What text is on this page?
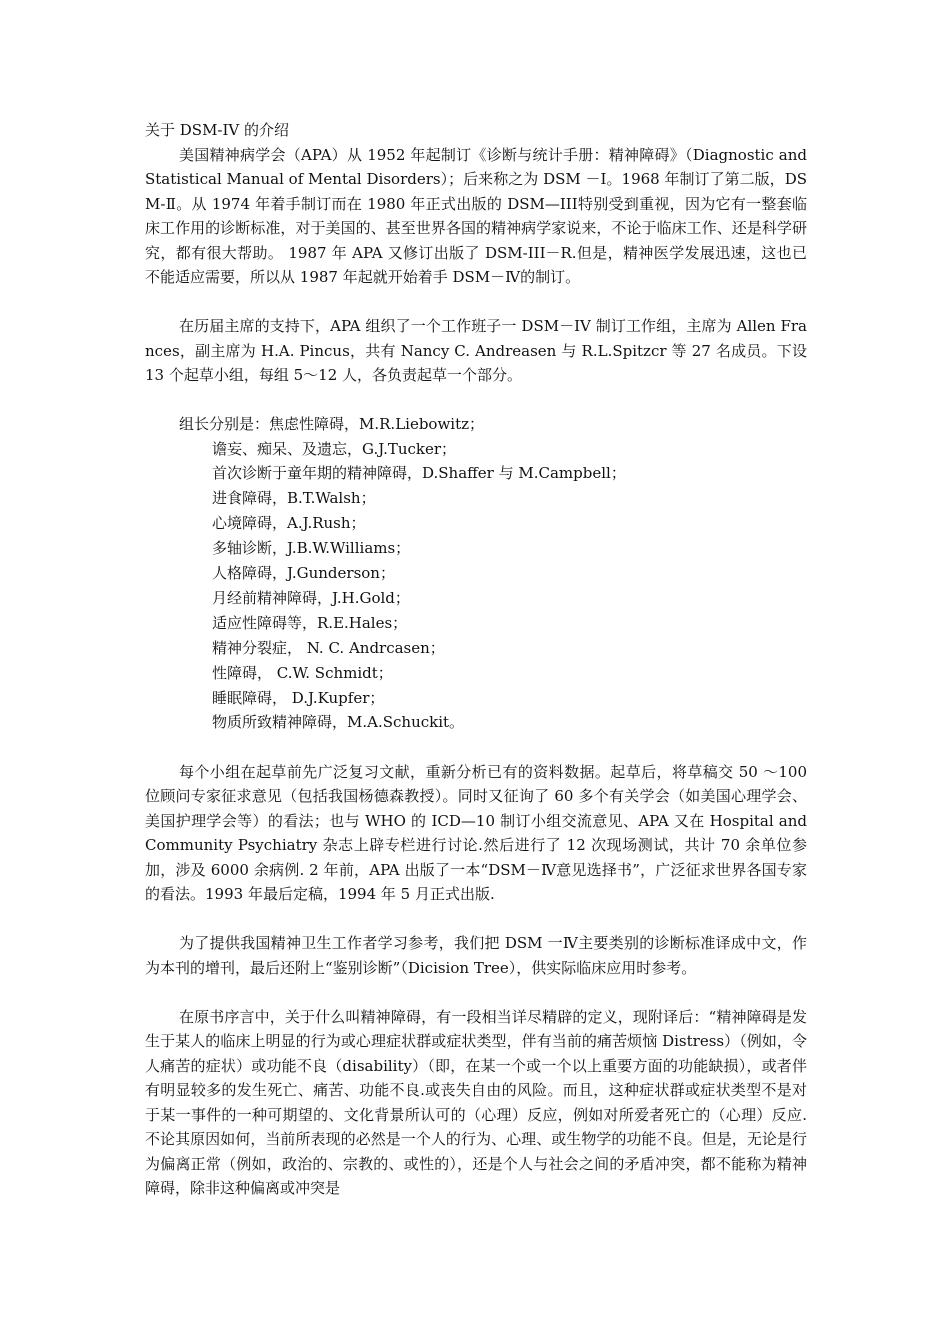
关于 DSM-IV 的介绍

美国精神病学会（APA）从 1952 年起制订《诊断与统计手册：精神障碍》（Diagnostic and Statistical Manual of Mental Disorders）；后来称之为 DSM －Ⅰ。1968 年制订了第二版，DSM-Ⅱ。从 1974 年着手制订而在 1980 年正式出版的 DSM—III特别受到重视，因为它有一整套临床工作用的诊断标准，对于美国的、甚至世界各国的精神病学家说来，不论于临床工作、还是科学研究，都有很大帮助。 1987 年 APA 又修订出版了 DSM-III－R.但是，精神医学发展迅速，这也已不能适应需要，所以从 1987 年起就开始着手 DSM－Ⅳ的制订。

在历届主席的支持下，APA 组织了一个工作班子一 DSM－IV 制订工作组，主席为 Allen Frances，副主席为 H.A. Pincus，共有 Nancy C. Andreasen 与 R.L.Spitzcr 等 27 名成员。下设 13 个起草小组，每组 5～12 人，各负责起草一个部分。

组长分别是：焦虑性障碍，M.R.Liebowitz；
谵妄、痴呆、及遗忘，G.J.Tucker；
首次诊断于童年期的精神障碍，D.Shaffer 与 M.Campbell；
进食障碍，B.T.Walsh；
心境障碍，A.J.Rush；
多轴诊断，J.B.W.Williams；
人格障碍，J.Gunderson；
月经前精神障碍，J.H.Gold；
适应性障碍等，R.E.Hales；
精神分裂症， N. C. Andrcasen；
性障碍， C.W. Schmidt；
睡眠障碍， D.J.Kupfer；
物质所致精神障碍，M.A.Schuckit。

每个小组在起草前先广泛复习文献，重新分析已有的资料数据。起草后，将草稿交 50 ～100 位顾问专家征求意见（包括我国杨德森教授）。同时又征询了 60 多个有关学会（如美国心理学会、美国护理学会等）的看法；也与 WHO 的 ICD—10 制订小组交流意见、APA 又在 Hospital and Community Psychiatry 杂志上辟专栏进行讨论.然后进行了 12 次现场测试，共计 70 余单位参加，涉及 6000 余病例. 2 年前，APA 出版了一本“DSM－Ⅳ意见选择书”，广泛征求世界各国专家的看法。1993 年最后定稿，1994 年 5 月正式出版.

为了提供我国精神卫生工作者学习参考，我们把 DSM 一Ⅳ主要类别的诊断标准译成中文，作为本刊的增刊，最后还附上“鉴别诊断”（Dicision Tree），供实际临床应用时参考。

在原书序言中，关于什么叫精神障碍，有一段相当详尽精辟的定义，现附译后：“精神障碍是发生于某人的临床上明显的行为或心理症状群或症状类型，伴有当前的痛苦烦恼 Distress）（例如，令人痛苦的症状）或功能不良（disability）（即，在某一个或一个以上重要方面的功能缺损），或者伴有明显较多的发生死亡、痛苦、功能不良.或丧失自由的风险。而且，这种症状群或症状类型不是对于某一事件的一种可期望的、文化背景所认可的（心理）反应，例如对所爱者死亡的（心理）反应.不论其原因如何，当前所表现的必然是一个人的行为、心理、或生物学的功能不良。但是，无论是行为偏离正常（例如，政治的、宗教的、或性的），还是个人与社会之间的矛盾冲突，都不能称为精神障碍，除非这种偏离或冲突是
